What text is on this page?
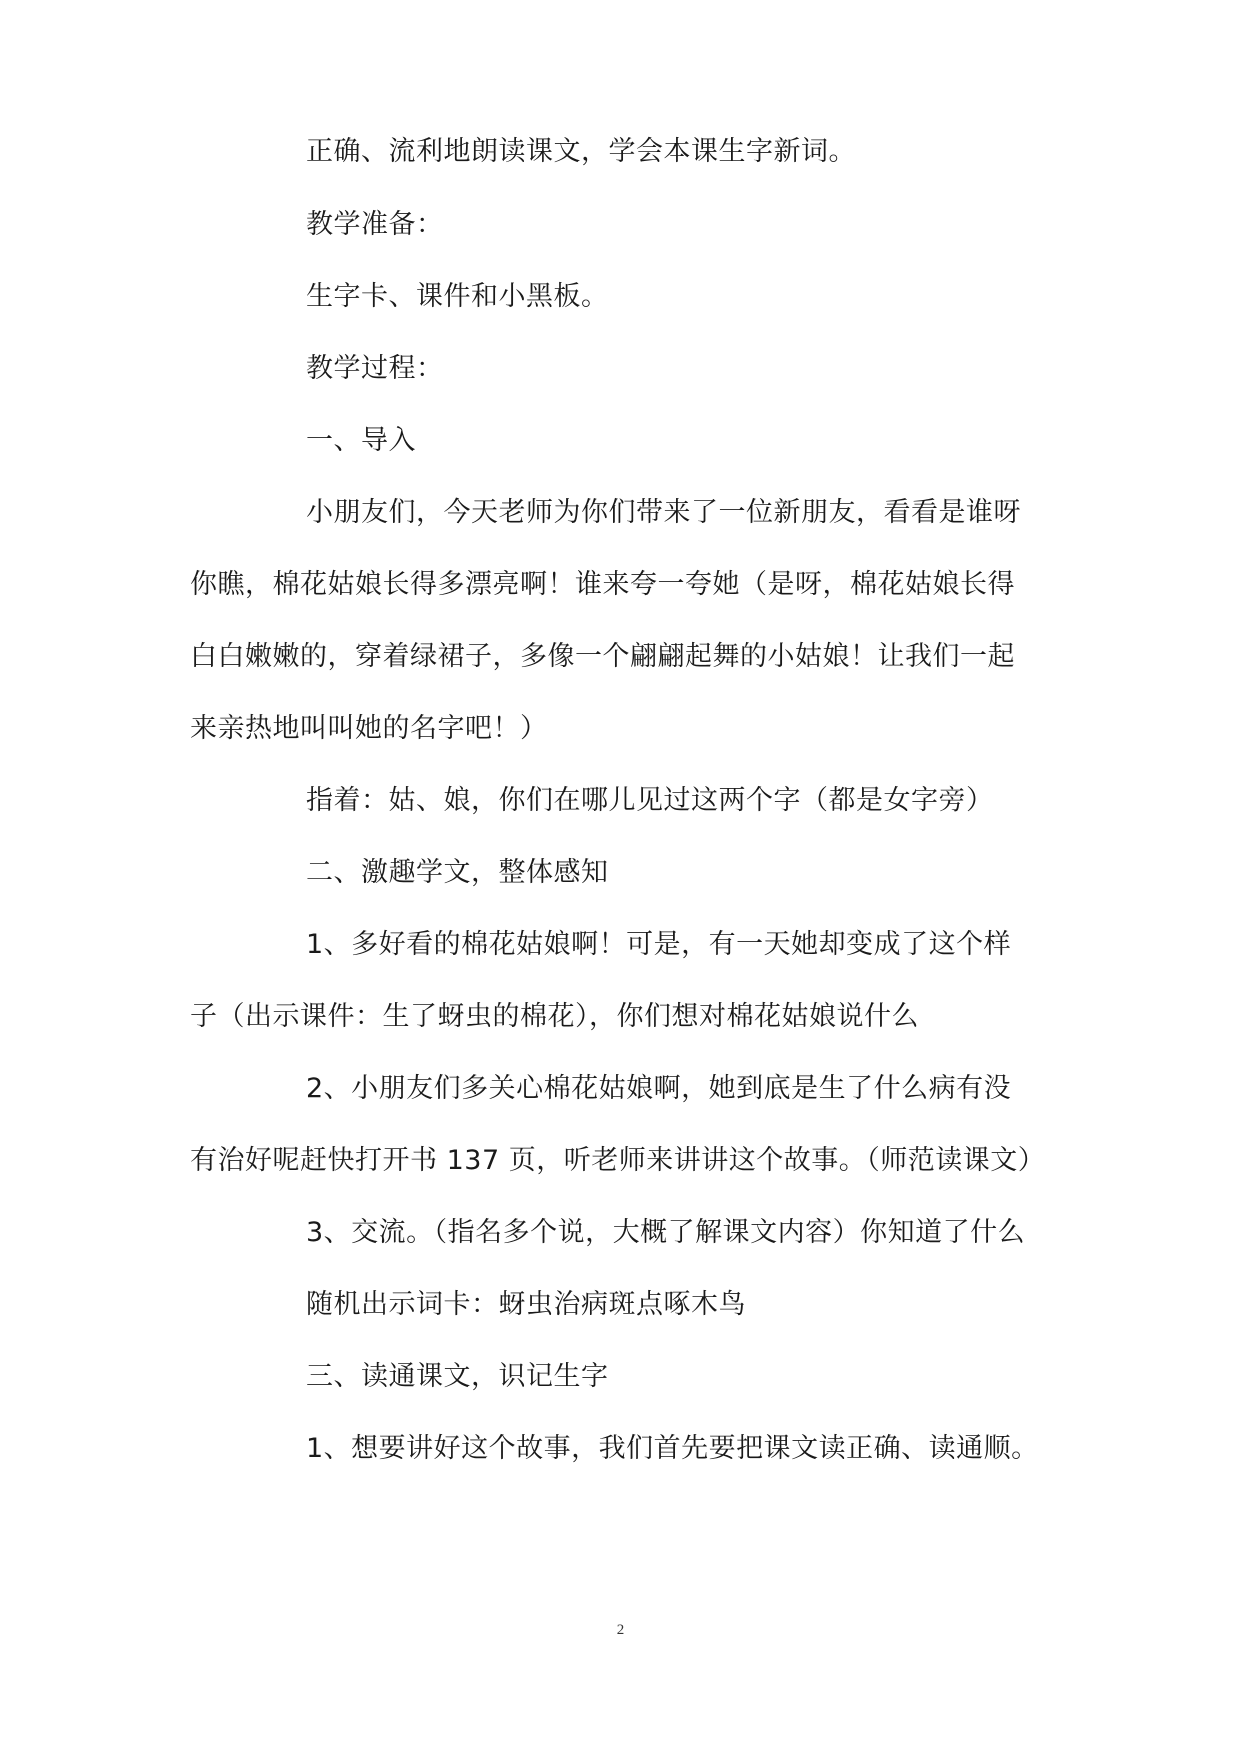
正确、流利地朗读课文，学会本课生字新词。
教学准备：
生字卡、课件和小黑板。
教学过程：
一、导入
小朋友们，今天老师为你们带来了一位新朋友，看看是谁呀
你瞧，棉花姑娘长得多漂亮啊！谁来夸一夸她（是呀，棉花姑娘长得
白白嫩嫩的，穿着绿裙子，多像一个翩翩起舞的小姑娘！让我们一起
来亲热地叫叫她的名字吧！）
指着：姑、娘，你们在哪儿见过这两个字（都是女字旁）
二、激趣学文，整体感知
1、多好看的棉花姑娘啊！可是，有一天她却变成了这个样
子（出示课件：生了蚜虫的棉花），你们想对棉花姑娘说什么
2、小朋友们多关心棉花姑娘啊，她到底是生了什么病有没
有治好呢赶快打开书 137 页，听老师来讲讲这个故事。（师范读课文）
3、交流。（指名多个说，大概了解课文内容）你知道了什么
随机出示词卡：蚜虫治病斑点啄木鸟
三、读通课文，识记生字
1、想要讲好这个故事，我们首先要把课文读正确、读通顺。
2
